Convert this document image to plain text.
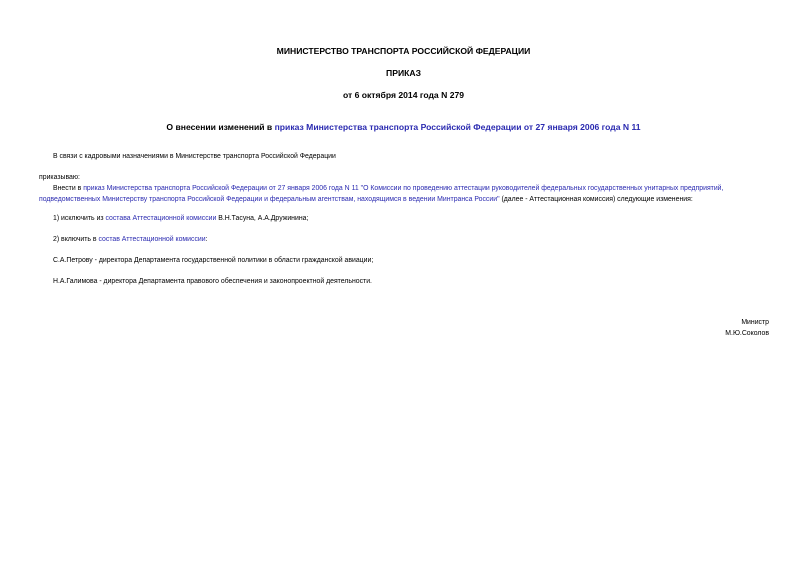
МИНИСТЕРСТВО ТРАНСПОРТА РОССИЙСКОЙ ФЕДЕРАЦИИ
ПРИКАЗ
от 6 октября 2014 года N 279
О внесении изменений в приказ Министерства транспорта Российской Федерации от 27 января 2006 года N 11
В связи с кадровыми назначениями в Министерстве транспорта Российской Федерации
приказываю:
Внести в приказ Министерства транспорта Российской Федерации от 27 января 2006 года N 11 "О Комиссии по проведению аттестации руководителей федеральных государственных унитарных предприятий,
подведомственных Министерству транспорта Российской Федерации и федеральным агентствам, находящимся в ведении Минтранса России" (далее - Аттестационная комиссия) следующие изменения:
1) исключить из состава Аттестационной комиссии В.Н.Тасуна, А.А.Дружинина;
2) включить в состав Аттестационной комиссии:
С.А.Петрову - директора Департамента государственной политики в области гражданской авиации;
Н.А.Галимова - директора Департамента правового обеспечения и законопроектной деятельности.
Министр
М.Ю.Соколов
